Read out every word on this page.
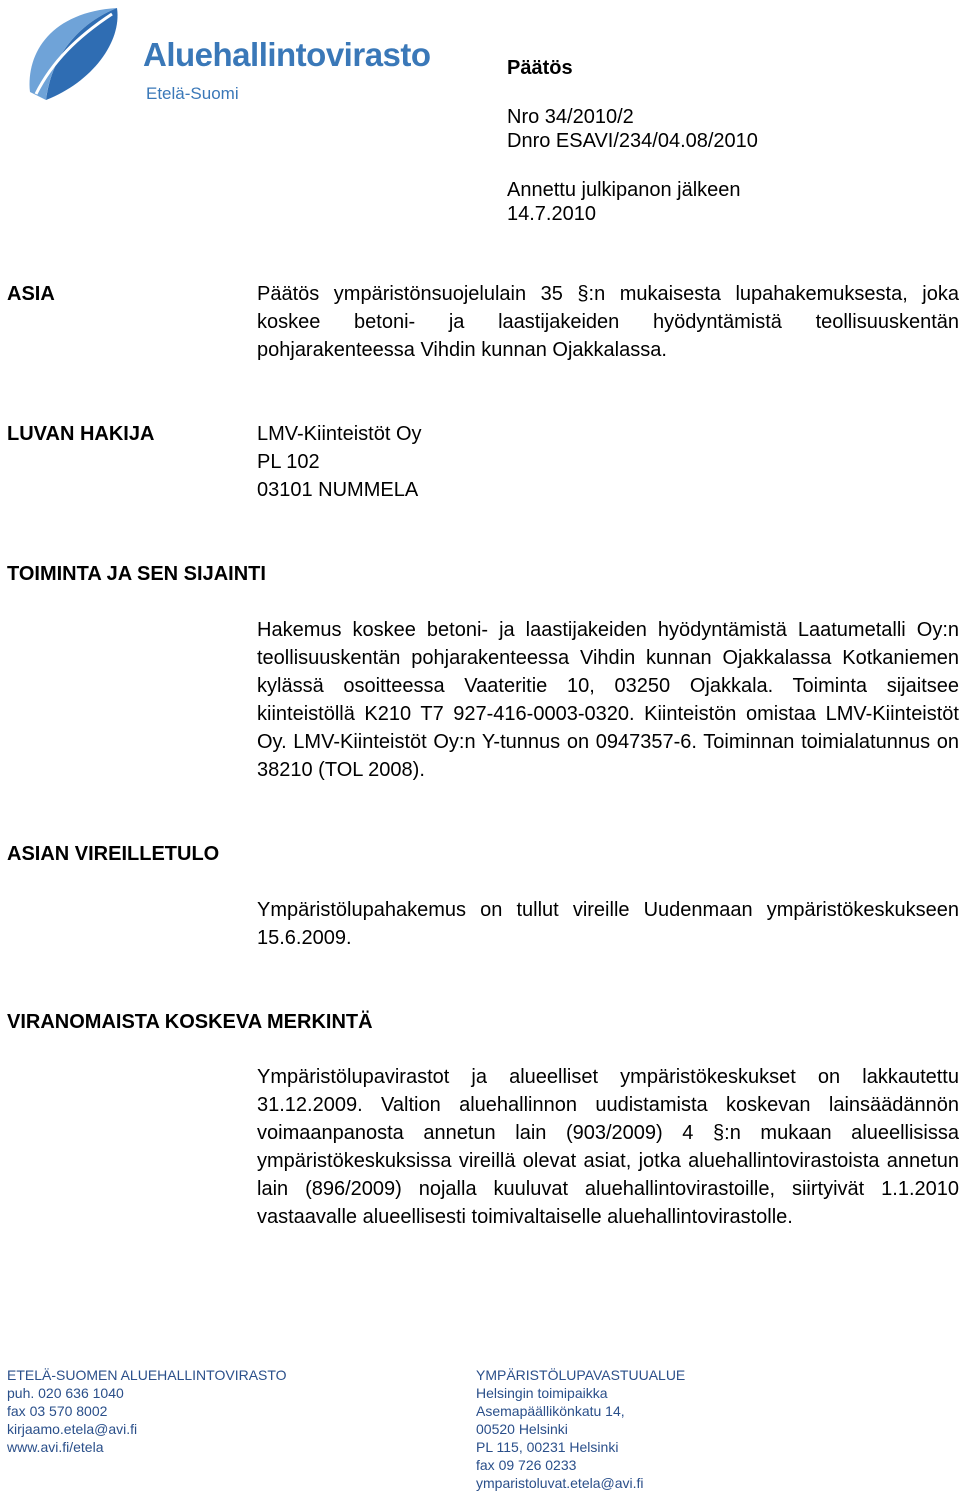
Aluehallintovirasto
Etelä-Suomi
Päätös
Nro 34/2010/2
Dnro ESAVI/234/04.08/2010
Annettu julkipanon jälkeen
14.7.2010
ASIA	Päätös ympäristönsuojelulain 35 §:n mukaisesta lupahakemuksesta, joka koskee betoni- ja laastijakeiden hyödyntämistä teollisuuskentän pohjarakenteessa Vihdin kunnan Ojakkalassa.
LUVAN HAKIJA	LMV-Kiinteistöt Oy
PL 102
03101 NUMMELA
TOIMINTA JA SEN SIJAINTI
Hakemus koskee betoni- ja laastijakeiden hyödyntämistä Laatumetalli Oy:n teollisuuskentän pohjarakenteessa Vihdin kunnan Ojakkalassa Kotkaniemen kylässä osoitteessa Vaateritie 10, 03250 Ojakkala. Toiminta sijaitsee kiinteistöllä K210 T7 927-416-0003-0320. Kiinteistön omistaa LMV-Kiinteistöt Oy. LMV-Kiinteistöt Oy:n Y-tunnus on 0947357-6. Toiminnan toimialatunnus on 38210 (TOL 2008).
ASIAN VIREILLETULO
Ympäristölupahakemus on tullut vireille Uudenmaan ympäristökeskukseen 15.6.2009.
VIRANOMAISTA KOSKEVA MERKINTÄ
Ympäristölupavirastot ja alueelliset ympäristökeskukset on lakkautettu 31.12.2009. Valtion aluehallinnon uudistamista koskevan lainsäädännön voimaanpanosta annetun lain (903/2009) 4 §:n mukaan alueellisissa ympäristökeskuksissa vireillä olevat asiat, jotka aluehallintovirastoista annetun lain (896/2009) nojalla kuuluvat aluehallintovirastoille, siirtyivät 1.1.2010 vastaavalle alueellisesti toimivaltaiselle aluehallintovirastolle.
ETELÄ-SUOMEN ALUEHALLINTOVIRASTO
puh. 020 636 1040
fax 03 570 8002
kirjaamo.etela@avi.fi
www.avi.fi/etela
YMPÄRISTÖLUPAVASTUUALUE
Helsingin toimipaikka
Asemapäällikönkatu 14,
00520 Helsinki
PL 115, 00231 Helsinki
fax 09 726 0233
ymparistoluvat.etela@avi.fi
